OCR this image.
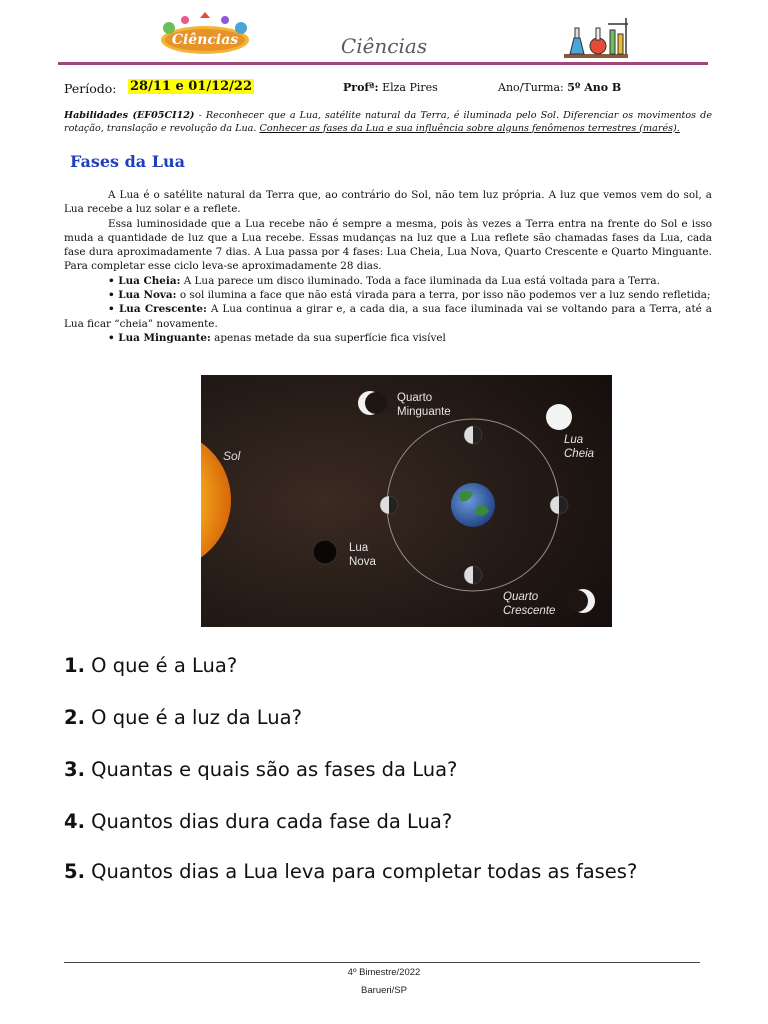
Ciências	Ciências
Período: 28/11 e 01/12/22	Profª: Elza Pires	Ano/Turma: 5º Ano B
Habilidades (EF05CI12) - Reconhecer que a Lua, satélite natural da Terra, é iluminada pelo Sol. Diferenciar os movimentos de rotação, translação e revolução da Lua. Conhecer as fases da Lua e sua influência sobre alguns fenômenos terrestres (marés).
Fases da Lua

A Lua é o satélite natural da Terra que, ao contrário do Sol, não tem luz própria. A luz que vemos vem do sol, a Lua recebe a luz solar e a reflete.

Essa luminosidade que a Lua recebe não é sempre a mesma, pois às vezes a Terra entra na frente do Sol e isso muda a quantidade de luz que a Lua recebe. Essas mudanças na luz que a Lua reflete são chamadas fases da Lua, cada fase dura aproximadamente 7 dias. A Lua passa por 4 fases: Lua Cheia, Lua Nova, Quarto Crescente e Quarto Minguante. Para completar esse ciclo leva-se aproximadamente 28 dias.

• Lua Cheia: A Lua parece um disco iluminado. Toda a face iluminada da Lua está voltada para a Terra.

• Lua Nova: o sol ilumina a face que não está virada para a terra, por isso não podemos ver a luz sendo refletida;

• Lua Crescente: A Lua continua a girar e, a cada dia, a sua face iluminada vai se voltando para a Terra, até a Lua ficar “cheia” novamente.

• Lua Minguante: apenas metade da sua superfície fica visível

Sol
Quarto Minguante
Lua Cheia
Lua Nova
Quarto Crescente
1. O que é a Lua?
2. O que é a luz da Lua?
3. Quantas e quais são as fases da Lua?
4. Quantos dias dura cada fase da Lua?
5. Quantos dias a Lua leva para completar todas as fases?
4º Bimestre/2022
Barueri/SP
